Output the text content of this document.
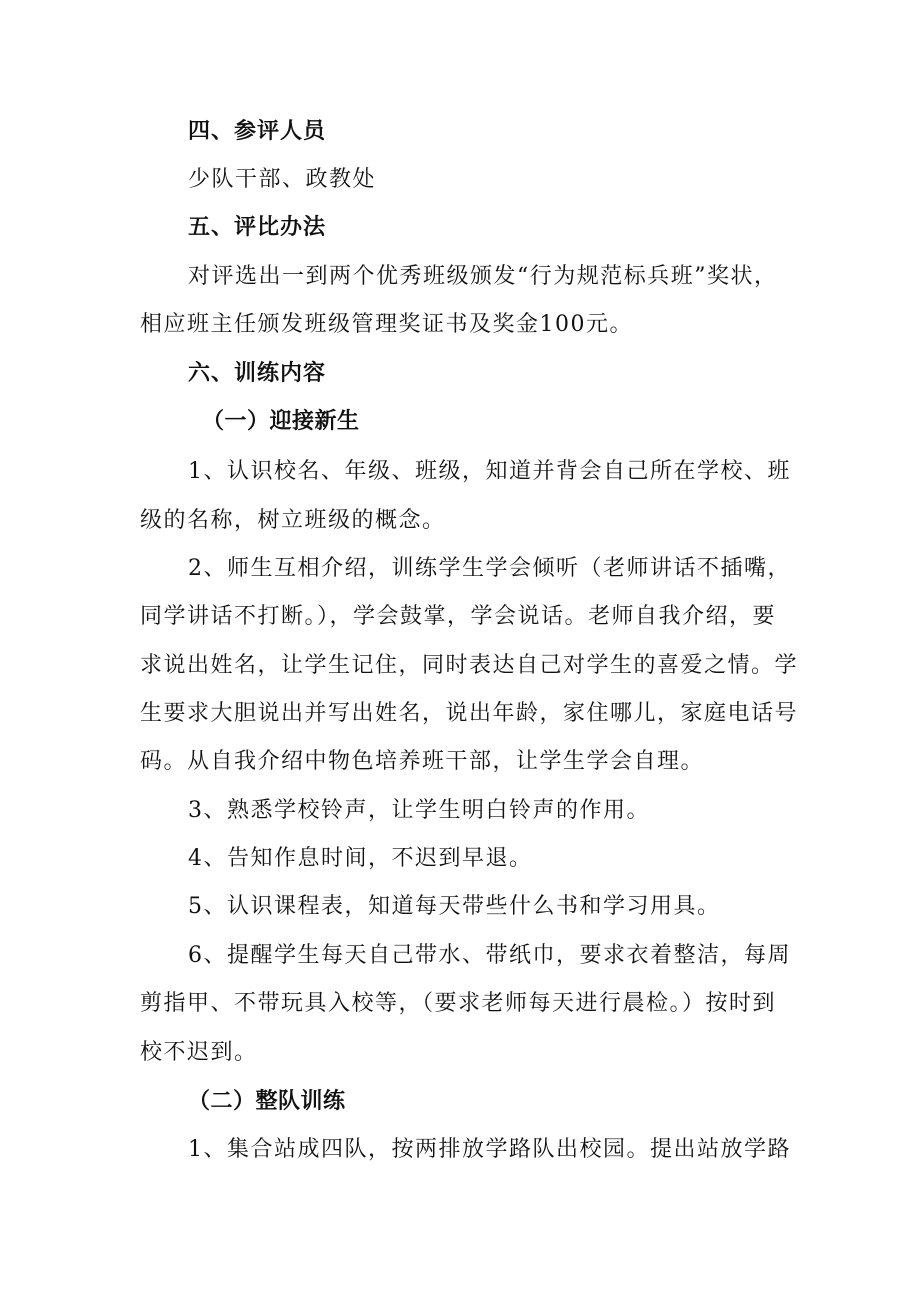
四、参评人员
少队干部、政教处
五、评比办法
对评选出一到两个优秀班级颁发“行为规范标兵班”奖状，
相应班主任颁发班级管理奖证书及奖金100元。
六、训练内容
（一）迎接新生
1、认识校名、年级、班级，知道并背会自己所在学校、班
级的名称，树立班级的概念。
2、师生互相介绍，训练学生学会倾听（老师讲话不插嘴，
同学讲话不打断。），学会鼓掌，学会说话。老师自我介绍，要
求说出姓名，让学生记住，同时表达自己对学生的喜爱之情。学
生要求大胆说出并写出姓名，说出年龄，家住哪儿，家庭电话号
码。从自我介绍中物色培养班干部，让学生学会自理。
3、熟悉学校铃声，让学生明白铃声的作用。
4、告知作息时间，不迟到早退。
5、认识课程表，知道每天带些什么书和学习用具。
6、提醒学生每天自己带水、带纸巾，要求衣着整洁，每周
剪指甲、不带玩具入校等，（要求老师每天进行晨检。）按时到
校不迟到。
（二）整队训练
1、集合站成四队，按两排放学路队出校园。提出站放学路
